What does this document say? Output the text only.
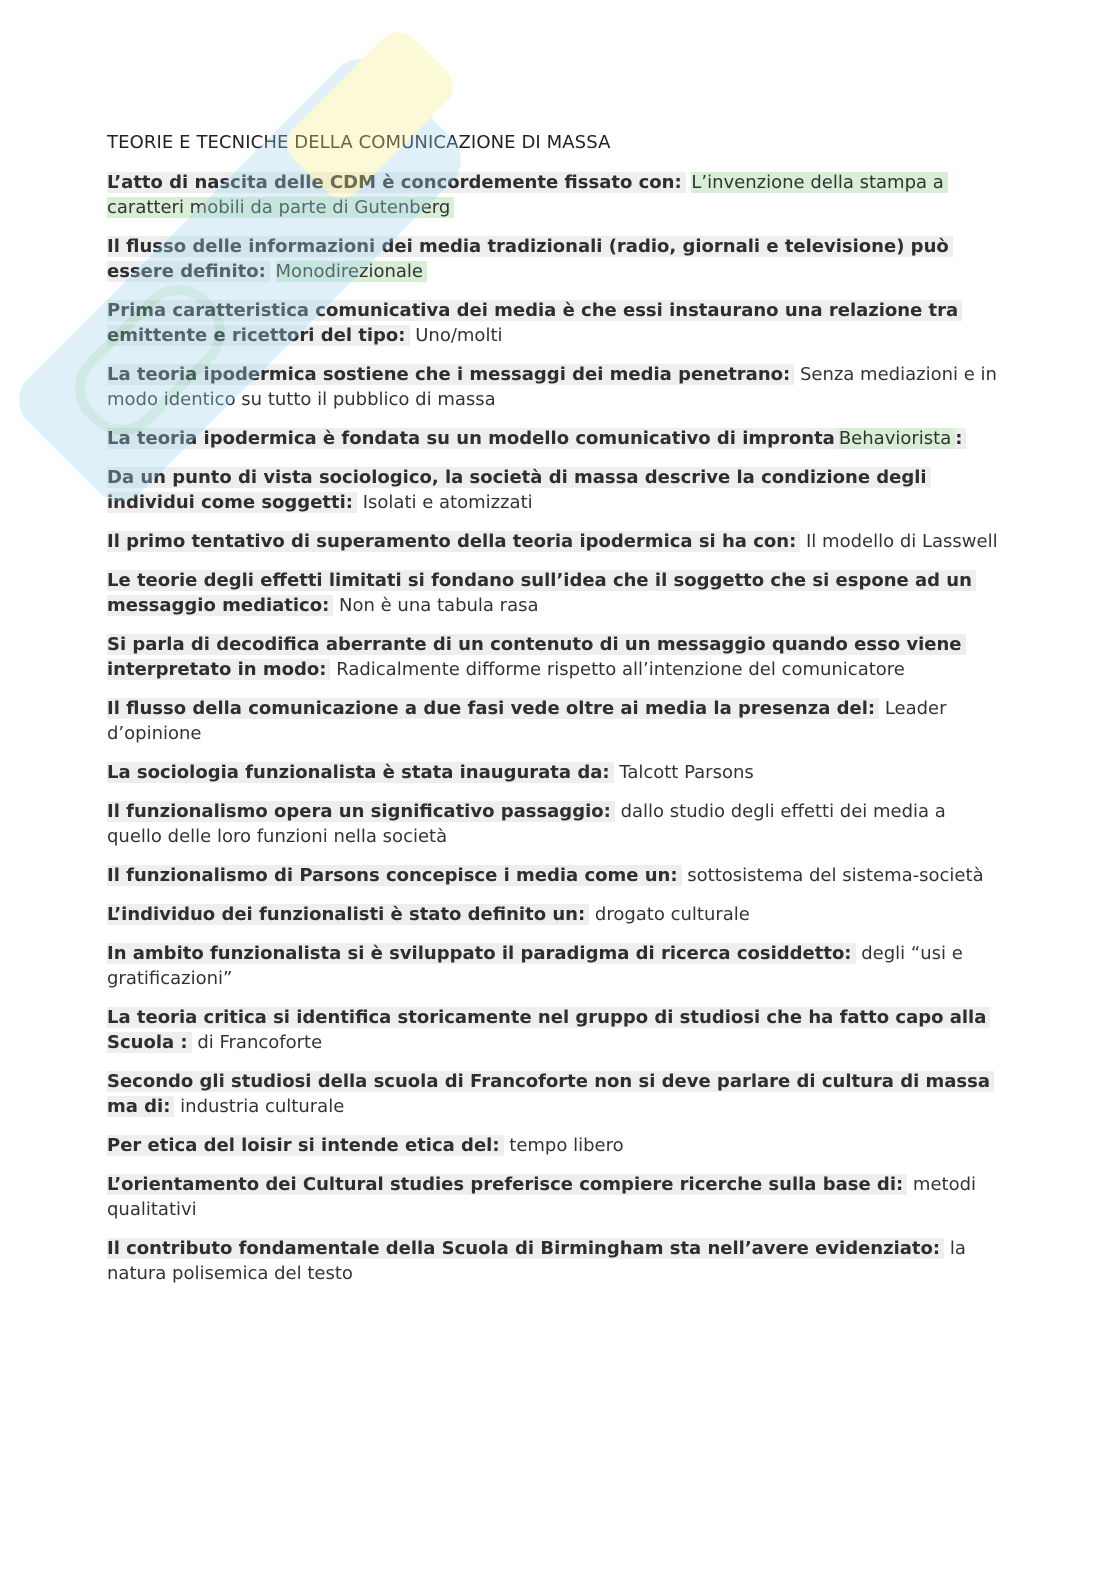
TEORIE E TECNICHE DELLA COMUNICAZIONE DI MASSA

L’atto di nascita delle CDM è concordemente fissato con: L’invenzione della stampa a caratteri mobili da parte di Gutenberg

Il flusso delle informazioni dei media tradizionali (radio, giornali e televisione) può essere definito: Monodirezionale

Prima caratteristica comunicativa dei media è che essi instaurano una relazione tra emittente e ricettori del tipo: Uno/molti

La teoria ipodermica sostiene che i messaggi dei media penetrano: Senza mediazioni e in modo identico su tutto il pubblico di massa

La teoria ipodermica è fondata su un modello comunicativo di impronta Behaviorista :

Da un punto di vista sociologico, la società di massa descrive la condizione degli individui come soggetti: Isolati e atomizzati

Il primo tentativo di superamento della teoria ipodermica si ha con: Il modello di Lasswell

Le teorie degli effetti limitati si fondano sull’idea che il soggetto che si espone ad un messaggio mediatico: Non è una tabula rasa

Si parla di decodifica aberrante di un contenuto di un messaggio quando esso viene interpretato in modo: Radicalmente difforme rispetto all’intenzione del comunicatore

Il flusso della comunicazione a due fasi vede oltre ai media la presenza del: Leader d’opinione

La sociologia funzionalista è stata inaugurata da: Talcott Parsons

Il funzionalismo opera un significativo passaggio: dallo studio degli effetti dei media a quello delle loro funzioni nella società

Il funzionalismo di Parsons concepisce i media come un: sottosistema del sistema-società

L’individuo dei funzionalisti è stato definito un: drogato culturale

In ambito funzionalista si è sviluppato il paradigma di ricerca cosiddetto: degli “usi e gratificazioni”

La teoria critica si identifica storicamente nel gruppo di studiosi che ha fatto capo alla Scuola : di Francoforte

Secondo gli studiosi della scuola di Francoforte non si deve parlare di cultura di massa ma di: industria culturale

Per etica del loisir si intende etica del: tempo libero

L’orientamento dei Cultural studies preferisce compiere ricerche sulla base di: metodi qualitativi

Il contributo fondamentale della Scuola di Birmingham sta nell’avere evidenziato: la natura polisemica del testo
